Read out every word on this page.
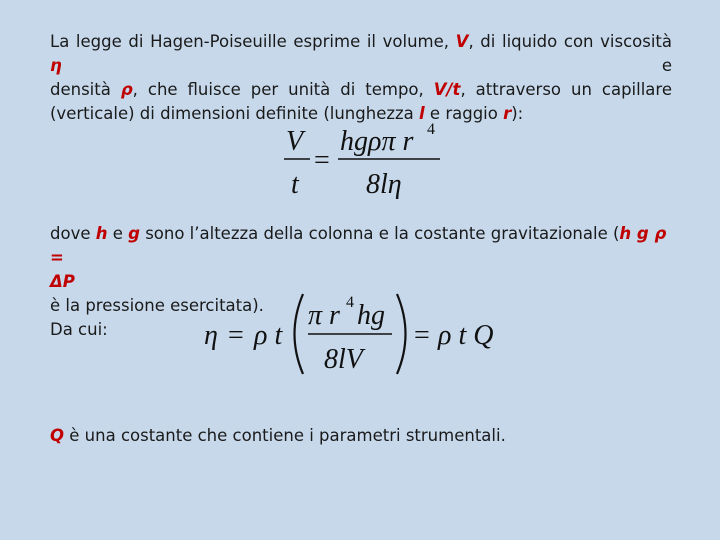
La legge di Hagen-Poiseuille esprime il volume, V, di liquido con viscosità η e
densità ρ, che fluisce per unità di tempo, V/t, attraverso un capillare
(verticale) di dimensioni definite (lunghezza l e raggio r):
V
t
=
hgρπ r 4
8lη
dove h e g sono l’altezza della colonna e la costante gravitazionale (h g ρ =
ΔP
è la pressione esercitata).
Da cui:	η = ρ t
π r 4 hg
8lV
= ρ t Q
Q è una costante che contiene i parametri strumentali.
